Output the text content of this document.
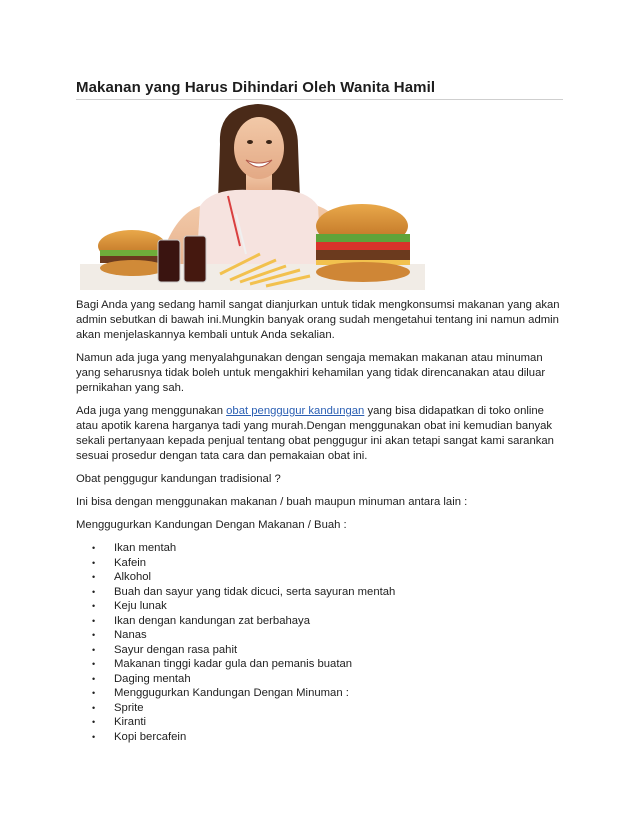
Makanan yang Harus Dihindari Oleh Wanita Hamil

Bagi Anda yang sedang hamil sangat dianjurkan untuk tidak mengkonsumsi makanan yang akan admin sebutkan di bawah ini.Mungkin banyak orang sudah mengetahui tentang ini namun admin akan menjelaskannya kembali untuk Anda sekalian.

Namun ada juga yang menyalahgunakan dengan sengaja memakan makanan atau minuman yang seharusnya tidak boleh untuk mengakhiri kehamilan yang tidak direncanakan atau diluar pernikahan yang sah.

Ada juga yang menggunakan obat penggugur kandungan yang bisa didapatkan di toko online atau apotik karena harganya tadi yang murah.Dengan menggunakan obat ini kemudian banyak sekali pertanyaan kepada penjual tentang obat penggugur ini akan tetapi sangat kami sarankan sesuai prosedur dengan tata cara dan pemakaian obat ini.

Obat penggugur kandungan tradisional ?

Ini bisa dengan menggunakan makanan / buah maupun minuman antara lain :

Menggugurkan Kandungan Dengan Makanan / Buah :

• Ikan mentah
• Kafein
• Alkohol
• Buah dan sayur yang tidak dicuci, serta sayuran mentah
• Keju lunak
• Ikan dengan kandungan zat berbahaya
• Nanas
• Sayur dengan rasa pahit
• Makanan tinggi kadar gula dan pemanis buatan
• Daging mentah
• Menggugurkan Kandungan Dengan Minuman :
• Sprite
• Kiranti
• Kopi bercafein
